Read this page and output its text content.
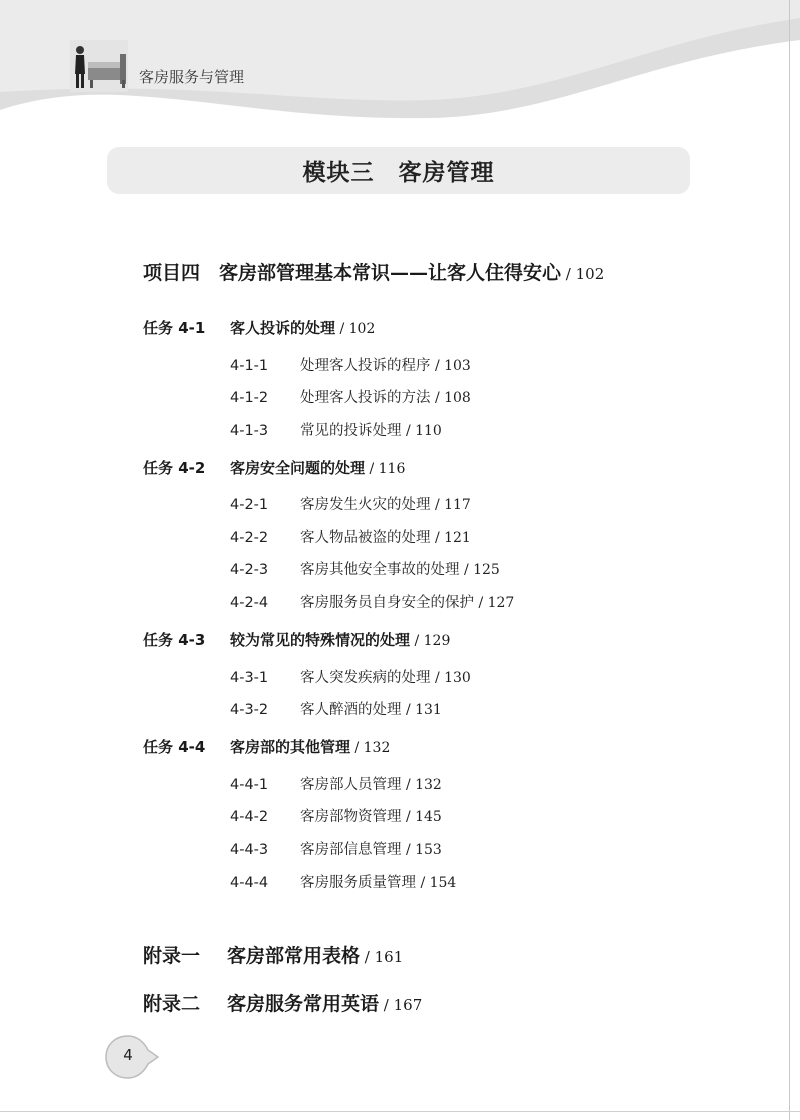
客房服务与管理
模块三　客房管理
项目四　客房部管理基本常识——让客人住得安心 / 102
任务 4-1 客人投诉的处理 / 102
4-1-1 处理客人投诉的程序 / 103
4-1-2 处理客人投诉的方法 / 108
4-1-3 常见的投诉处理 / 110
任务 4-2 客房安全问题的处理 / 116
4-2-1 客房发生火灾的处理 / 117
4-2-2 客人物品被盗的处理 / 121
4-2-3 客房其他安全事故的处理 / 125
4-2-4 客房服务员自身安全的保护 / 127
任务 4-3 较为常见的特殊情况的处理 / 129
4-3-1 客人突发疾病的处理 / 130
4-3-2 客人醉酒的处理 / 131
任务 4-4 客房部的其他管理 / 132
4-4-1 客房部人员管理 / 132
4-4-2 客房部物资管理 / 145
4-4-3 客房部信息管理 / 153
4-4-4 客房服务质量管理 / 154
附录一 客房部常用表格 / 161
附录二 客房服务常用英语 / 167
4
